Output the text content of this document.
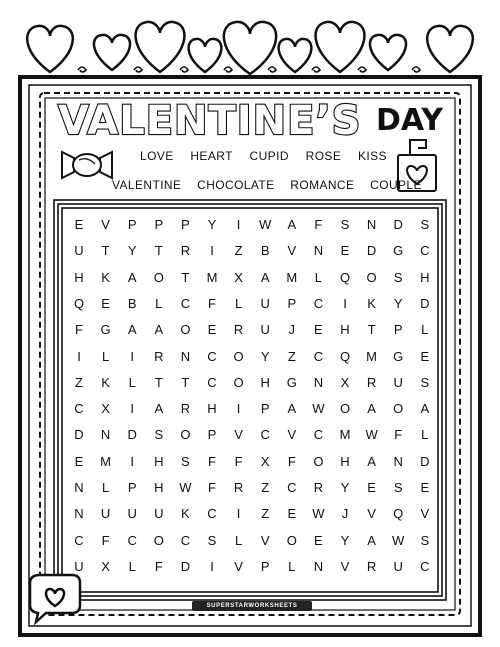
VALENTINE’S DAY
LOVE HEART CUPID ROSE KISS
VALENTINE CHOCOLATE ROMANCE COUPLE
E	V	P	P	P	Y	I	W	A	F	S	N	D	S
U	T	Y	T	R	I	Z	B	V	N	E	D	G	C
H	K	A	O	T	M	X	A	M	L	Q	O	S	H
Q	E	B	L	C	F	L	U	P	C	I	K	Y	D
F	G	A	A	O	E	R	U	J	E	H	T	P	L
I	L	I	R	N	C	O	Y	Z	C	Q	M	G	E
Z	K	L	T	T	C	O	H	G	N	X	R	U	S
C	X	I	A	R	H	I	P	A	W	O	A	O	A
D	N	D	S	O	P	V	C	V	C	M	W	F	L
E	M	I	H	S	F	F	X	F	O	H	A	N	D
N	L	P	H	W	F	R	Z	C	R	Y	E	S	E
N	U	U	U	K	C	I	Z	E	W	J	V	Q	V
C	F	C	O	C	S	L	V	O	E	Y	A	W	S
U	X	L	F	D	I	V	P	L	N	V	R	U	C
SUPERSTARWORKSHEETS
